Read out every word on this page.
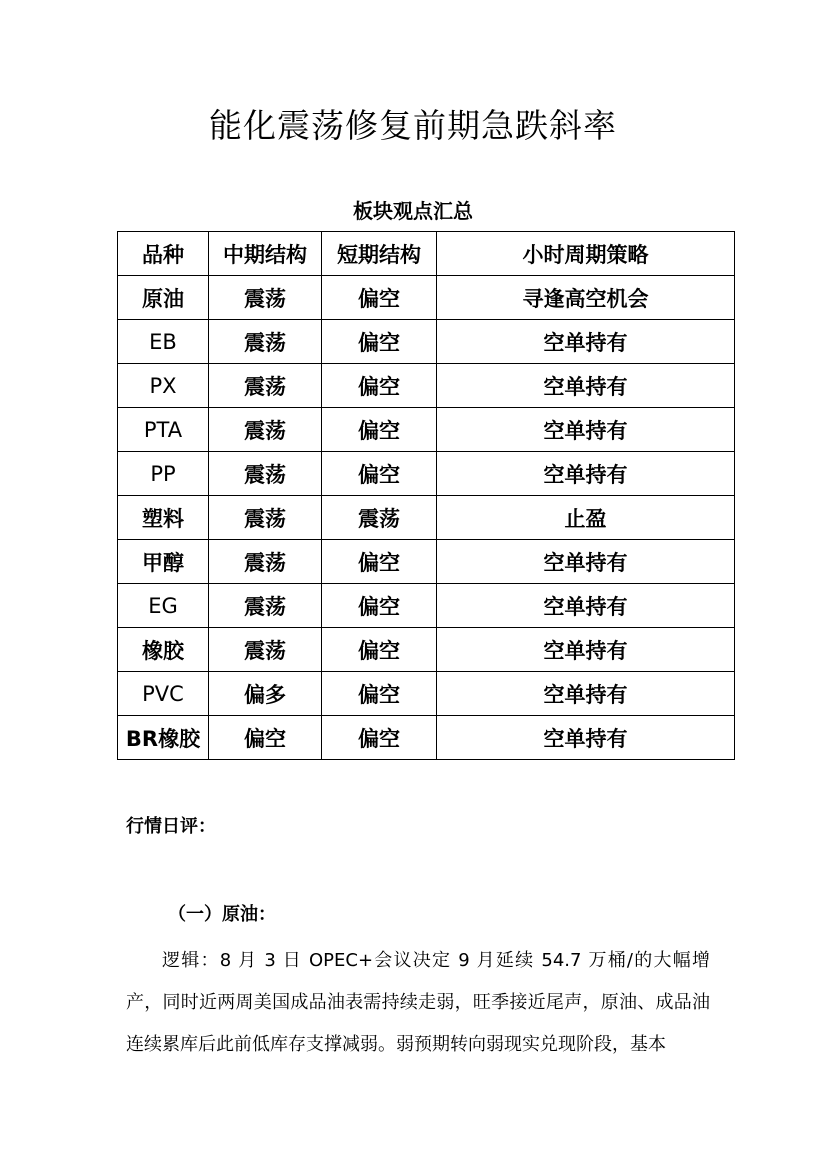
能化震荡修复前期急跌斜率
板块观点汇总
品种	中期结构	短期结构	小时周期策略
原油	震荡	偏空	寻逢高空机会
EB	震荡	偏空	空单持有
PX	震荡	偏空	空单持有
PTA	震荡	偏空	空单持有
PP	震荡	偏空	空单持有
塑料	震荡	震荡	止盈
甲醇	震荡	偏空	空单持有
EG	震荡	偏空	空单持有
橡胶	震荡	偏空	空单持有
PVC	偏多	偏空	空单持有
BR橡胶	偏空	偏空	空单持有
行情日评：
（一）原油：
逻辑：8 月 3 日 OPEC+会议决定 9 月延续 54.7 万桶/的大幅增产，同时近两周美国成品油表需持续走弱，旺季接近尾声，原油、成品油连续累库后此前低库存支撑减弱。弱预期转向弱现实兑现阶段，基本
